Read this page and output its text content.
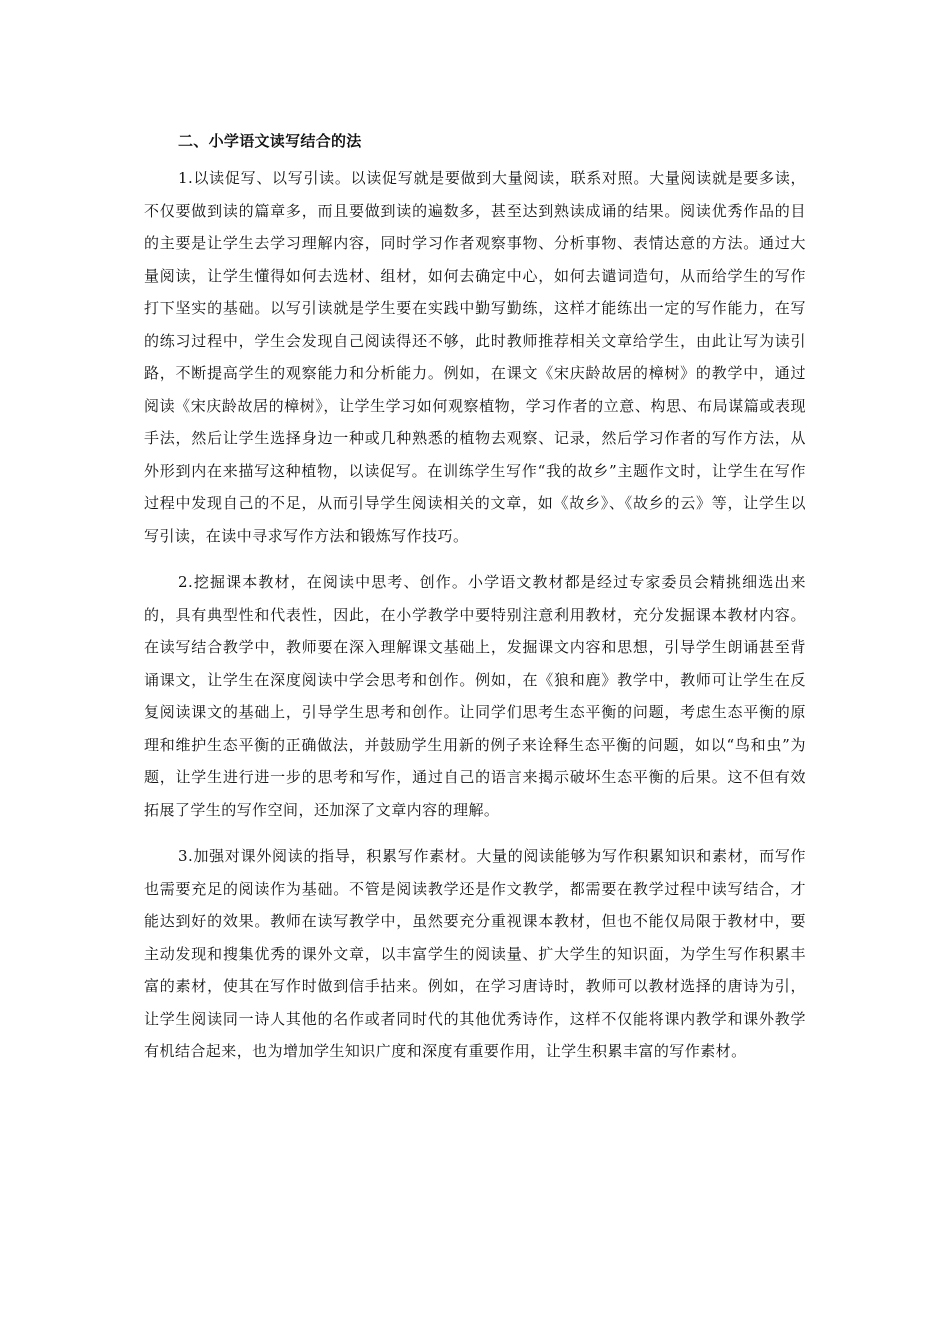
二、小学语文读写结合的法

1.以读促写、以写引读。以读促写就是要做到大量阅读，联系对照。大量阅读就是要多读，不仅要做到读的篇章多，而且要做到读的遍数多，甚至达到熟读成诵的结果。阅读优秀作品的目的主要是让学生去学习理解内容，同时学习作者观察事物、分析事物、表情达意的方法。通过大量阅读，让学生懂得如何去选材、组材，如何去确定中心，如何去谴词造句，从而给学生的写作打下坚实的基础。以写引读就是学生要在实践中勤写勤练，这样才能练出一定的写作能力，在写的练习过程中，学生会发现自己阅读得还不够，此时教师推荐相关文章给学生，由此让写为读引路，不断提高学生的观察能力和分析能力。例如，在课文《宋庆龄故居的樟树》的教学中，通过阅读《宋庆龄故居的樟树》，让学生学习如何观察植物，学习作者的立意、构思、布局谋篇或表现手法，然后让学生选择身边一种或几种熟悉的植物去观察、记录，然后学习作者的写作方法，从外形到内在来描写这种植物，以读促写。在训练学生写作“我的故乡”主题作文时，让学生在写作过程中发现自己的不足，从而引导学生阅读相关的文章，如《故乡》、《故乡的云》等，让学生以写引读，在读中寻求写作方法和锻炼写作技巧。

2.挖掘课本教材，在阅读中思考、创作。小学语文教材都是经过专家委员会精挑细选出来的，具有典型性和代表性，因此，在小学教学中要特别注意利用教材，充分发掘课本教材内容。在读写结合教学中，教师要在深入理解课文基础上，发掘课文内容和思想，引导学生朗诵甚至背诵课文，让学生在深度阅读中学会思考和创作。例如，在《狼和鹿》教学中，教师可让学生在反复阅读课文的基础上，引导学生思考和创作。让同学们思考生态平衡的问题，考虑生态平衡的原理和维护生态平衡的正确做法，并鼓励学生用新的例子来诠释生态平衡的问题，如以“鸟和虫”为题，让学生进行进一步的思考和写作，通过自己的语言来揭示破坏生态平衡的后果。这不但有效拓展了学生的写作空间，还加深了文章内容的理解。

3.加强对课外阅读的指导，积累写作素材。大量的阅读能够为写作积累知识和素材，而写作也需要充足的阅读作为基础。不管是阅读教学还是作文教学，都需要在教学过程中读写结合，才能达到好的效果。教师在读写教学中，虽然要充分重视课本教材，但也不能仅局限于教材中，要主动发现和搜集优秀的课外文章，以丰富学生的阅读量、扩大学生的知识面，为学生写作积累丰富的素材，使其在写作时做到信手拈来。例如，在学习唐诗时，教师可以教材选择的唐诗为引，让学生阅读同一诗人其他的名作或者同时代的其他优秀诗作，这样不仅能将课内教学和课外教学有机结合起来，也为增加学生知识广度和深度有重要作用，让学生积累丰富的写作素材。
